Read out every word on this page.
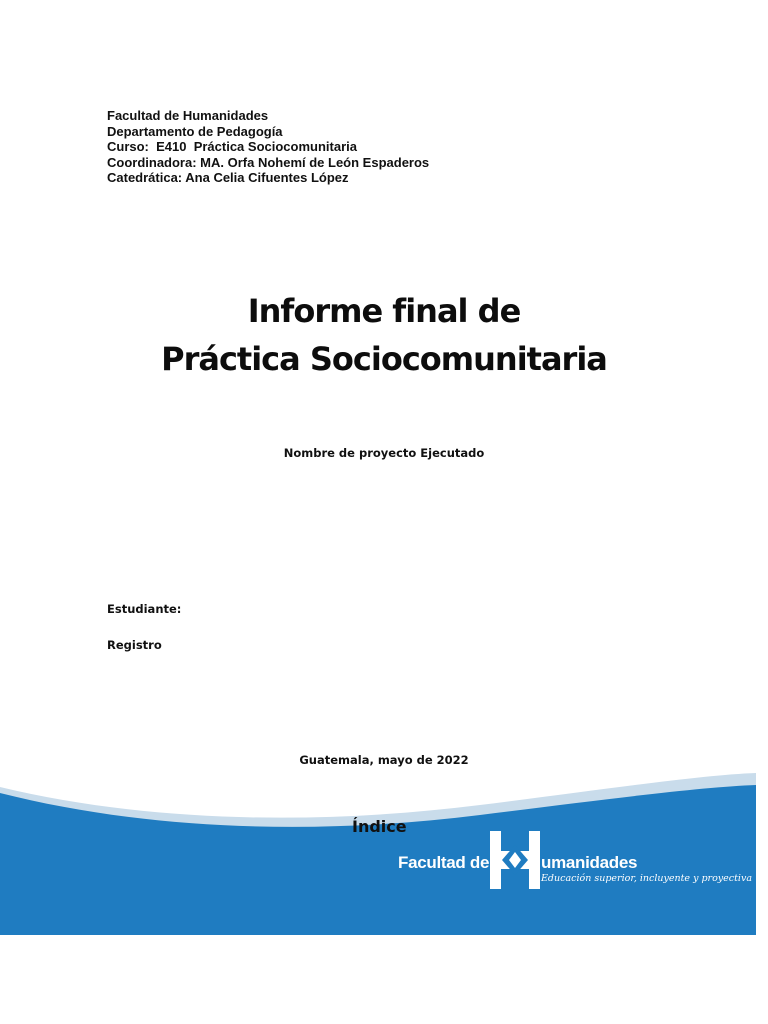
Facultad de Humanidades
Departamento de Pedagogía
Curso:  E410  Práctica Sociocomunitaria
Coordinadora: MA. Orfa Nohemí de León Espaderos
Catedrática: Ana Celia Cifuentes López
Informe final de
Práctica Sociocomunitaria
Nombre de proyecto Ejecutado
Estudiante:
Registro
Guatemala, mayo de 2022
Índice
Facultad de	umanidades
Educación superior, incluyente y proyectiva
